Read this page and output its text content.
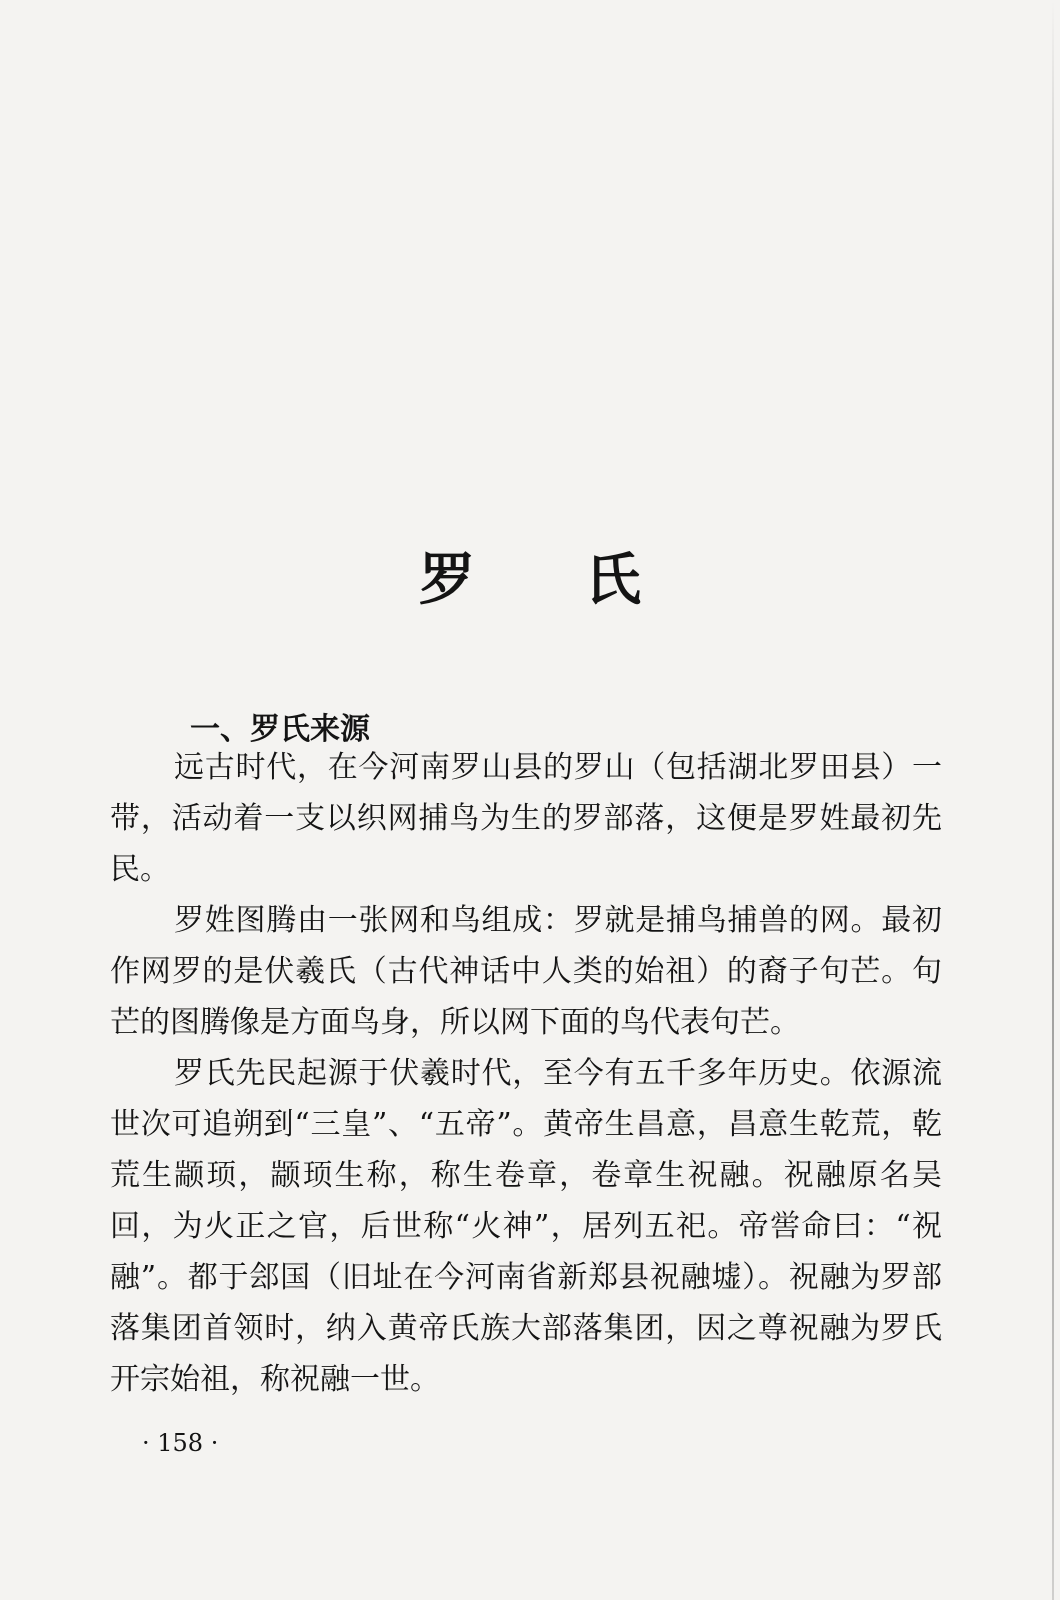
罗氏
一、罗氏来源

远古时代，在今河南罗山县的罗山（包括湖北罗田县）一带，活动着一支以织网捕鸟为生的罗部落，这便是罗姓最初先民。

罗姓图腾由一张网和鸟组成：罗就是捕鸟捕兽的网。最初作网罗的是伏羲氏（古代神话中人类的始祖）的裔子句芒。句芒的图腾像是方面鸟身，所以网下面的鸟代表句芒。

罗氏先民起源于伏羲时代，至今有五千多年历史。依源流世次可追朔到“三皇”、“五帝”。黄帝生昌意，昌意生乾荒，乾荒生颛顼，颛顼生称，称生卷章，卷章生祝融。祝融原名吴回，为火正之官，后世称“火神”，居列五祀。帝喾命曰：“祝融”。都于郐国（旧址在今河南省新郑县祝融墟）。祝融为罗部落集团首领时，纳入黄帝氏族大部落集团，因之尊祝融为罗氏开宗始祖，称祝融一世。

· 158 ·
